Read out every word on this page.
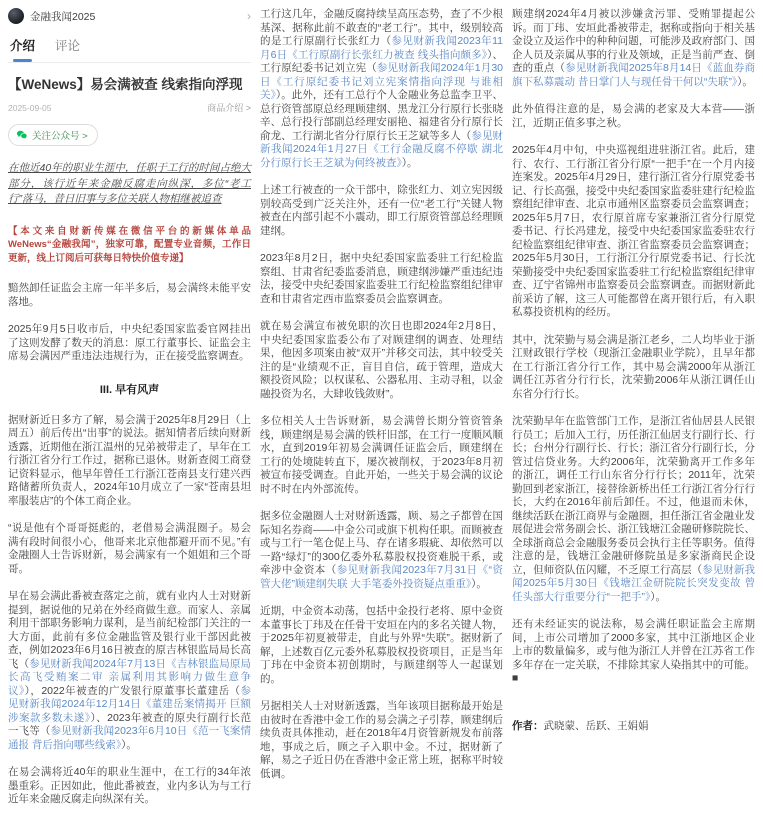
金融我闻2025	›
介绍 评论
【WeNews】易会满被查 线索指向浮现
2025-09-05	商品介绍 >
关注公众号 >

在他近40年的职业生涯中，任职于工行的时间占绝大部分，该行近年来金融反腐走向纵深，多位“老工行”落马，昔日旧事与多位关联人物相继被追查

【本文来自财新传媒在微信平台的新媒体单品 WeNews“金融我闻”，独家可靠，配置专业音频，工作日更新，线上订阅后可获每日特快价值专递】

黯然卸任证监会主席一年半多后，易会满终未能平安落地。

2025年9月5日收市后，中央纪委国家监委官网挂出了这则发酵了数天的消息：原工行董事长、证监会主席易会满因严重违法违规行为，正在接受监察调查。

III. 早有风声

据财新近日多方了解，易会满于2025年8月29日（上周五）前后传出“出事”的说法。据知情者后续向财新透露，近期他在浙江温州的兄弟被带走了，早年在工行浙江省分行工作过，据称已退休。财新查阅工商登记资料显示，他早年曾任工行浙江苍南县支行建兴西路储蓄所负责人，2024年10月成立了一家“苍南县坦率服装店”的个体工商企业。

“说是他有个哥哥挺彪的，老借易会满混圈子。易会满有段时间很小心，他哥来北京他都避开而不见。”有金融圈人士告诉财新，易会满家有一个姐姐和三个哥哥。

早在易会满此番被查落定之前，就有业内人士对财新提到，据说他的兄弟在外经商做生意。而家人、亲属利用干部职务影响力谋利，是当前纪检部门关注的一大方面，此前有多位金融监管及银行业干部因此被查，例如2023年6月16日被查的原吉林银监局局长高飞（参见财新我闻2024年7月13日《吉林银监局原局长高飞受贿案二审 亲属利用其影响力做生意争议》），2022年被查的广发银行原董事长董建岳（参见财新我闻2024年12月14日《董建岳案情揭开 巨额涉案款多数未遂》）、2023年被查的原央行副行长范一飞等（参见财新我闻2023年6月10日《范一飞案情通报 背后指向哪些线索》）。

在易会满将近40年的职业生涯中，在工行的34年浓墨重彩。正因如此，他此番被查，业内多认为与工行近年来金融反腐走向纵深有关。

工行这几年，金融反腐持续呈高压态势，查了不少根基深、据称此前不敢查的“老工行”。其中，级别较高的是工行原副行长张红力（参见财新我闻2023年11月6日《工行原副行长张红力被查 线头指向颇多》）、工行原纪委书记刘立宪（参见财新我闻2024年1月30日《工行原纪委书记刘立宪案情指向浮现 与谁相关》）。此外，还有工总行个人金融业务总监李卫平、总行资管部原总经理顾建纲、黑龙江分行原行长张晓辛、总行投行部副总经理安丽艳、福建省分行原行长俞龙、工行湖北省分行原行长王芝斌等多人（参见财新我闻2024年1月27日《工行金融反腐不停歇 湖北分行原行长王芝斌为何终被查》）。

上述工行被查的一众干部中，除张红力、刘立宪因级别较高受到广泛关注外，还有一位“老工行”关键人物被查在内部引起不小震动，即工行原资管部总经理顾建纲。

2023年8月2日，据中央纪委国家监委驻工行纪检监察组、甘肃省纪委监委消息，顾建纲涉嫌严重违纪违法，接受中央纪委国家监委驻工行纪检监察组纪律审查和甘肃省定西市监察委员会监察调查。

就在易会满宣布被免职的次日也即2024年2月8日，中央纪委国家监委公布了对顾建纲的调查、处理结果，他因多项案由被“双开”并移交司法，其中较受关注的是“业绩观不正，盲目自信，疏于管理，造成大额投资风险；以权谋私、公器私用、主动寻租，以金融投资为名，大肆收钱敛财”。

多位相关人士告诉财新，易会满曾长期分管资管条线，顾建纲是易会满的铁杆旧部，在工行一度顺风顺水，直到2019年初易会满调任证监会后，顾建纲在工行的处境陡转直下，屡次被削权，于2023年8月初被宣布接受调查。自此开始，一些关于易会满的议论时不时在内外部流传。

据多位金融圈人士对财新透露，顾、易之子都曾在国际知名券商——中金公司或旗下机构任职。而顾被查或与工行一笔仓促上马、存在诸多瑕疵、却依然可以一路“绿灯”的300亿委外私募股权投资难脱干系，或牵涉中金资本（参见财新我闻2023年7月31日《“资管大佬”顾建纲失联 大手笔委外投资疑点重重》）。

近期，中金资本动荡，包括中金投行老将、原中金资本董事长丁玮及在任骨干安垣在内的多名关键人物，于2025年初夏被带走，自此与外界“失联”。据财新了解，上述数百亿元委外私募股权投资项目，正是当年丁玮在中金资本初创期时，与顾建纲等人一起谋划的。

另据相关人士对财新透露，当年该项目据称最开始是由彼时在香港中金工作的易会满之子引荐，顾建纲后续负责具体推动，赶在2018年4月资管新规发布前落地，事成之后，顾之子入职中金。不过，据财新了解，易之子近日仍在香港中金正常上班，据称平时较低调。

顾建纲2024年4月被以涉嫌贪污罪、受贿罪提起公诉。而丁玮、安垣此番被带走，据称或指向于相关基金设立及运作中的种种问题，可能涉及政府部门、国企人员及亲属从事的行业及领域，正是当前严查、倒查的重点（参见财新我闻2025年8月14日《蓝血券商旗下私募震动 昔日掌门人与现任骨干何以“失联”》）。

此外值得注意的是，易会满的老家及大本营——浙江，近期正值多事之秋。

2025年4月中旬，中央巡视组进驻浙江省。此后，建行、农行、工行浙江省分行原“一把手”在一个月内接连案发。2025年4月29日，建行浙江省分行原党委书记、行长高强，接受中央纪委国家监委驻建行纪检监察组纪律审查、北京市通州区监察委员会监察调查；2025年5月7日，农行原首席专家兼浙江省分行原党委书记、行长冯建龙，接受中央纪委国家监委驻农行纪检监察组纪律审查、浙江省监察委员会监察调查；2025年5月30日，工行浙江分行原党委书记、行长沈荣勤接受中央纪委国家监委驻工行纪检监察组纪律审查、辽宁省锦州市监察委员会监察调查。而据财新此前采访了解，这三人可能都曾在离开银行后，有入职私募投资机构的经历。

其中，沈荣勤与易会满是浙江老乡，二人均毕业于浙江财政银行学校（现浙江金融职业学院），且早年都在工行浙江省分行工作，其中易会满2000年从浙江调任江苏省分行行长，沈荣勤2006年从浙江调任山东省分行行长。

沈荣勤早年在监管部门工作，是浙江省仙居县人民银行员工；后加入工行，历任浙江仙居支行副行长、行长；台州分行副行长、行长；浙江省分行副行长，分管过信贷业务。大约2006年，沈荣勤离开工作多年的浙江，调任工行山东省分行行长；2011年，沈荣勤回到老家浙江，接替徐新桥出任工行浙江省分行行长，大约在2016年前后卸任。不过，他退而未休，继续活跃在浙江商界与金融圈，担任浙江省金融业发展促进会常务副会长、浙江钱塘江金融研修院院长、全球浙商总会金融服务委员会执行主任等职务。值得注意的是，钱塘江金融研修院虽是多家浙商民企设立，但师资队伍闪耀，不乏原工行高层（参见财新我闻2025年5月30日《钱塘江金研院院长突发变故 曾任头部大行重要分行“一把手”》）。

还有未经证实的说法称，易会满任职证监会主席期间，上市公司增加了2000多家，其中江浙地区企业上市的数量偏多，或与他为浙江人并曾在江苏省工作多年存在一定关联，不排除其家人染指其中的可能。■

作者：武晓蒙、岳跃、王娟娟
